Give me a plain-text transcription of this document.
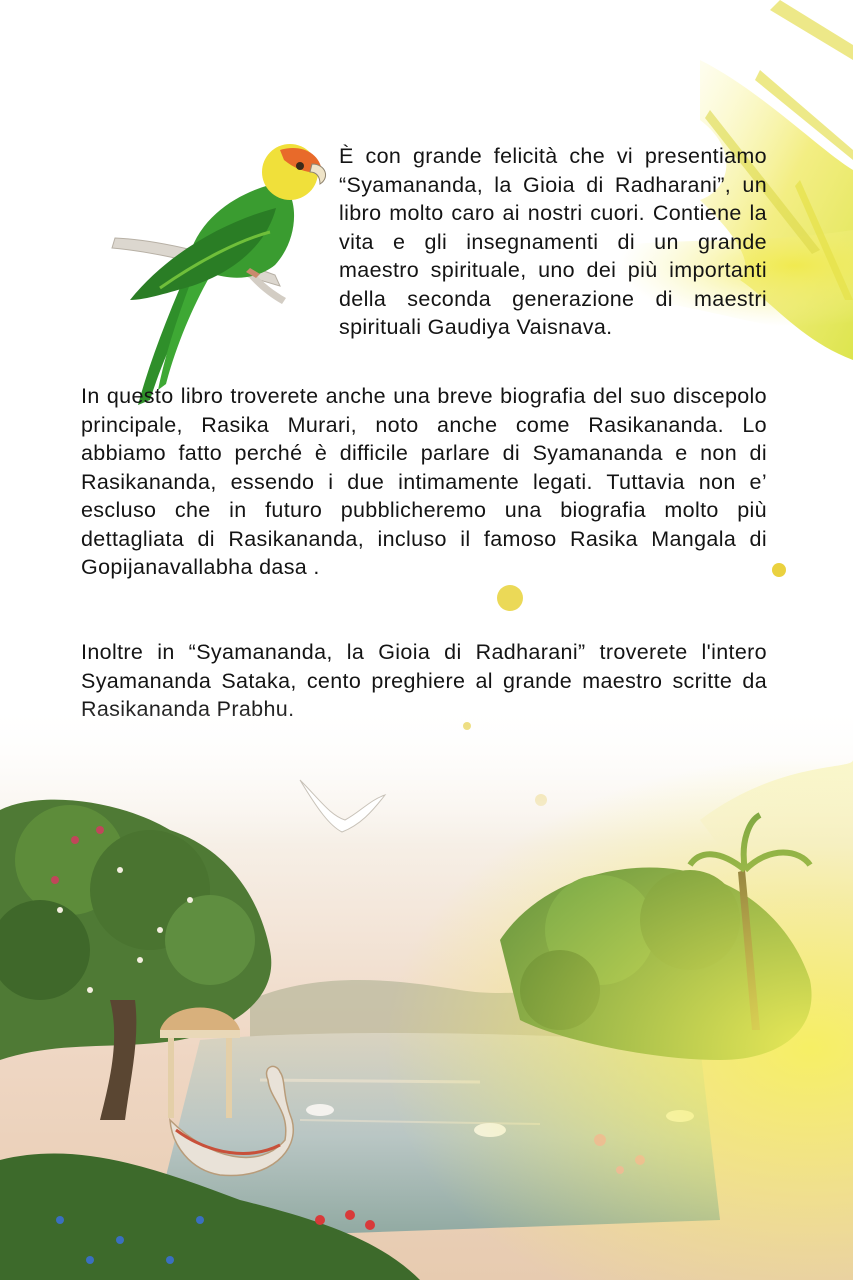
È con grande felicità che vi presentiamo “Syamananda, la Gioia di Radharani”, un libro molto caro ai nostri cuori. Contiene la vita e gli insegnamenti di un grande maestro spirituale, uno dei più importanti della seconda generazione di maestri spirituali Gaudiya Vaisnava.

In questo libro troverete anche una breve biografia del suo discepolo principale, Rasika Murari, noto anche come Rasikananda. Lo abbiamo fatto perché è difficile parlare di Syamananda e non di Rasikananda, essendo i due intimamente legati. Tuttavia non e’ escluso che in futuro pubblicheremo una biografia molto più dettagliata di Rasikananda, incluso il famoso Rasika Mangala di Gopijanavallabha dasa .

Inoltre in “Syamananda, la Gioia di Radharani” troverete l'intero Syamananda Sataka, cento preghiere al grande maestro scritte da
